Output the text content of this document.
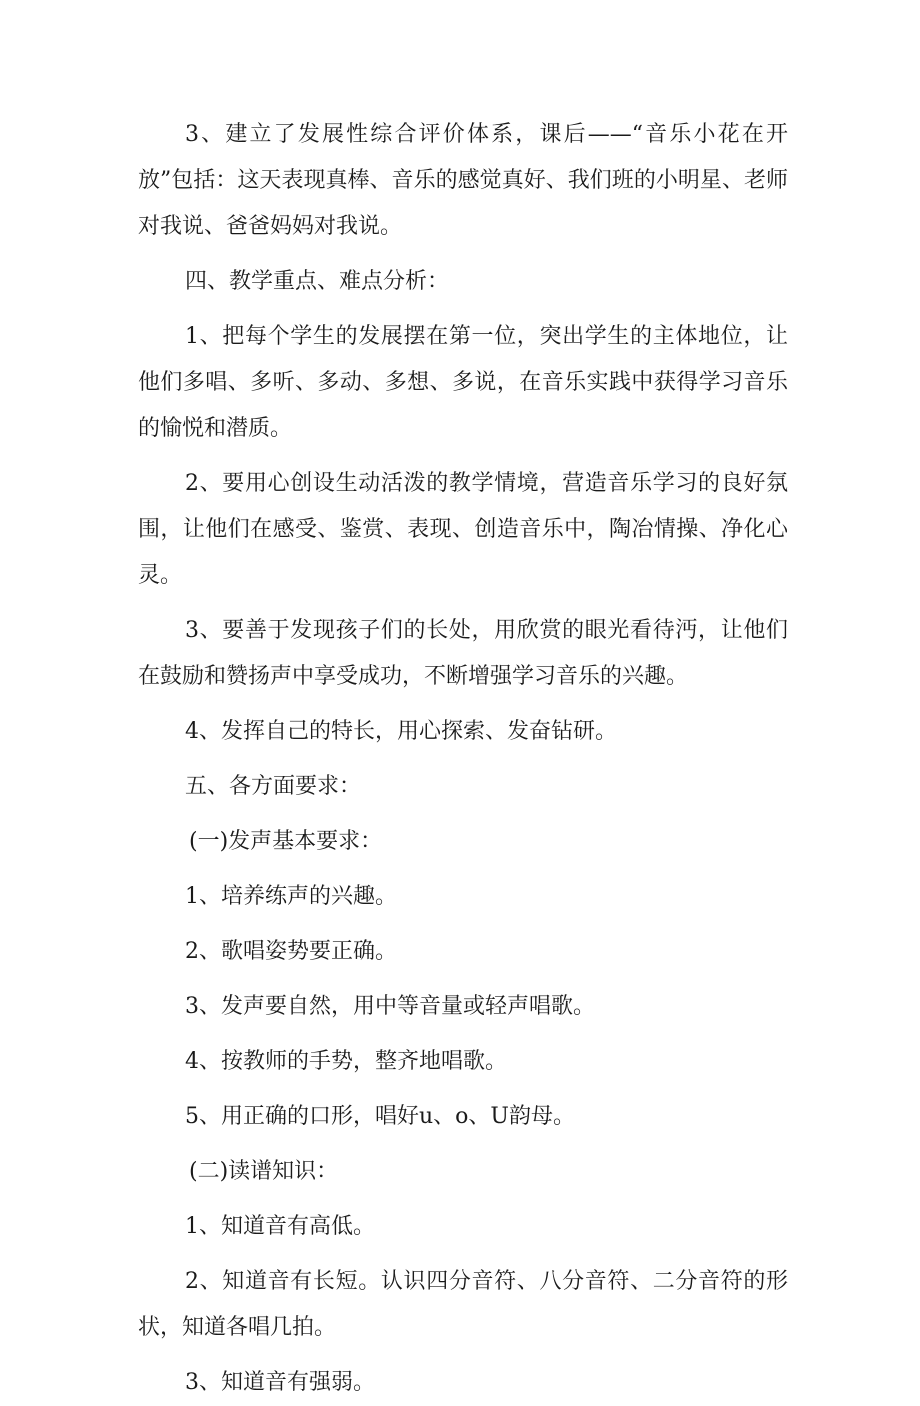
3、建立了发展性综合评价体系，课后——“音乐小花在开放”包括：这天表现真棒、音乐的感觉真好、我们班的小明星、老师对我说、爸爸妈妈对我说。

四、教学重点、难点分析：

1、把每个学生的发展摆在第一位，突出学生的主体地位，让他们多唱、多听、多动、多想、多说，在音乐实践中获得学习音乐的愉悦和潜质。

2、要用心创设生动活泼的教学情境，营造音乐学习的良好氛围，让他们在感受、鉴赏、表现、创造音乐中，陶冶情操、净化心灵。

3、要善于发现孩子们的长处，用欣赏的眼光看待沔，让他们在鼓励和赞扬声中享受成功，不断增强学习音乐的兴趣。

4、发挥自己的特长，用心探索、发奋钻研。

五、各方面要求：

(一)发声基本要求：

1、培养练声的兴趣。

2、歌唱姿势要正确。

3、发声要自然，用中等音量或轻声唱歌。

4、按教师的手势，整齐地唱歌。

5、用正确的口形，唱好u、o、U韵母。

(二)读谱知识：

1、知道音有高低。

2、知道音有长短。认识四分音符、八分音符、二分音符的形状，知道各唱几拍。

3、知道音有强弱。
